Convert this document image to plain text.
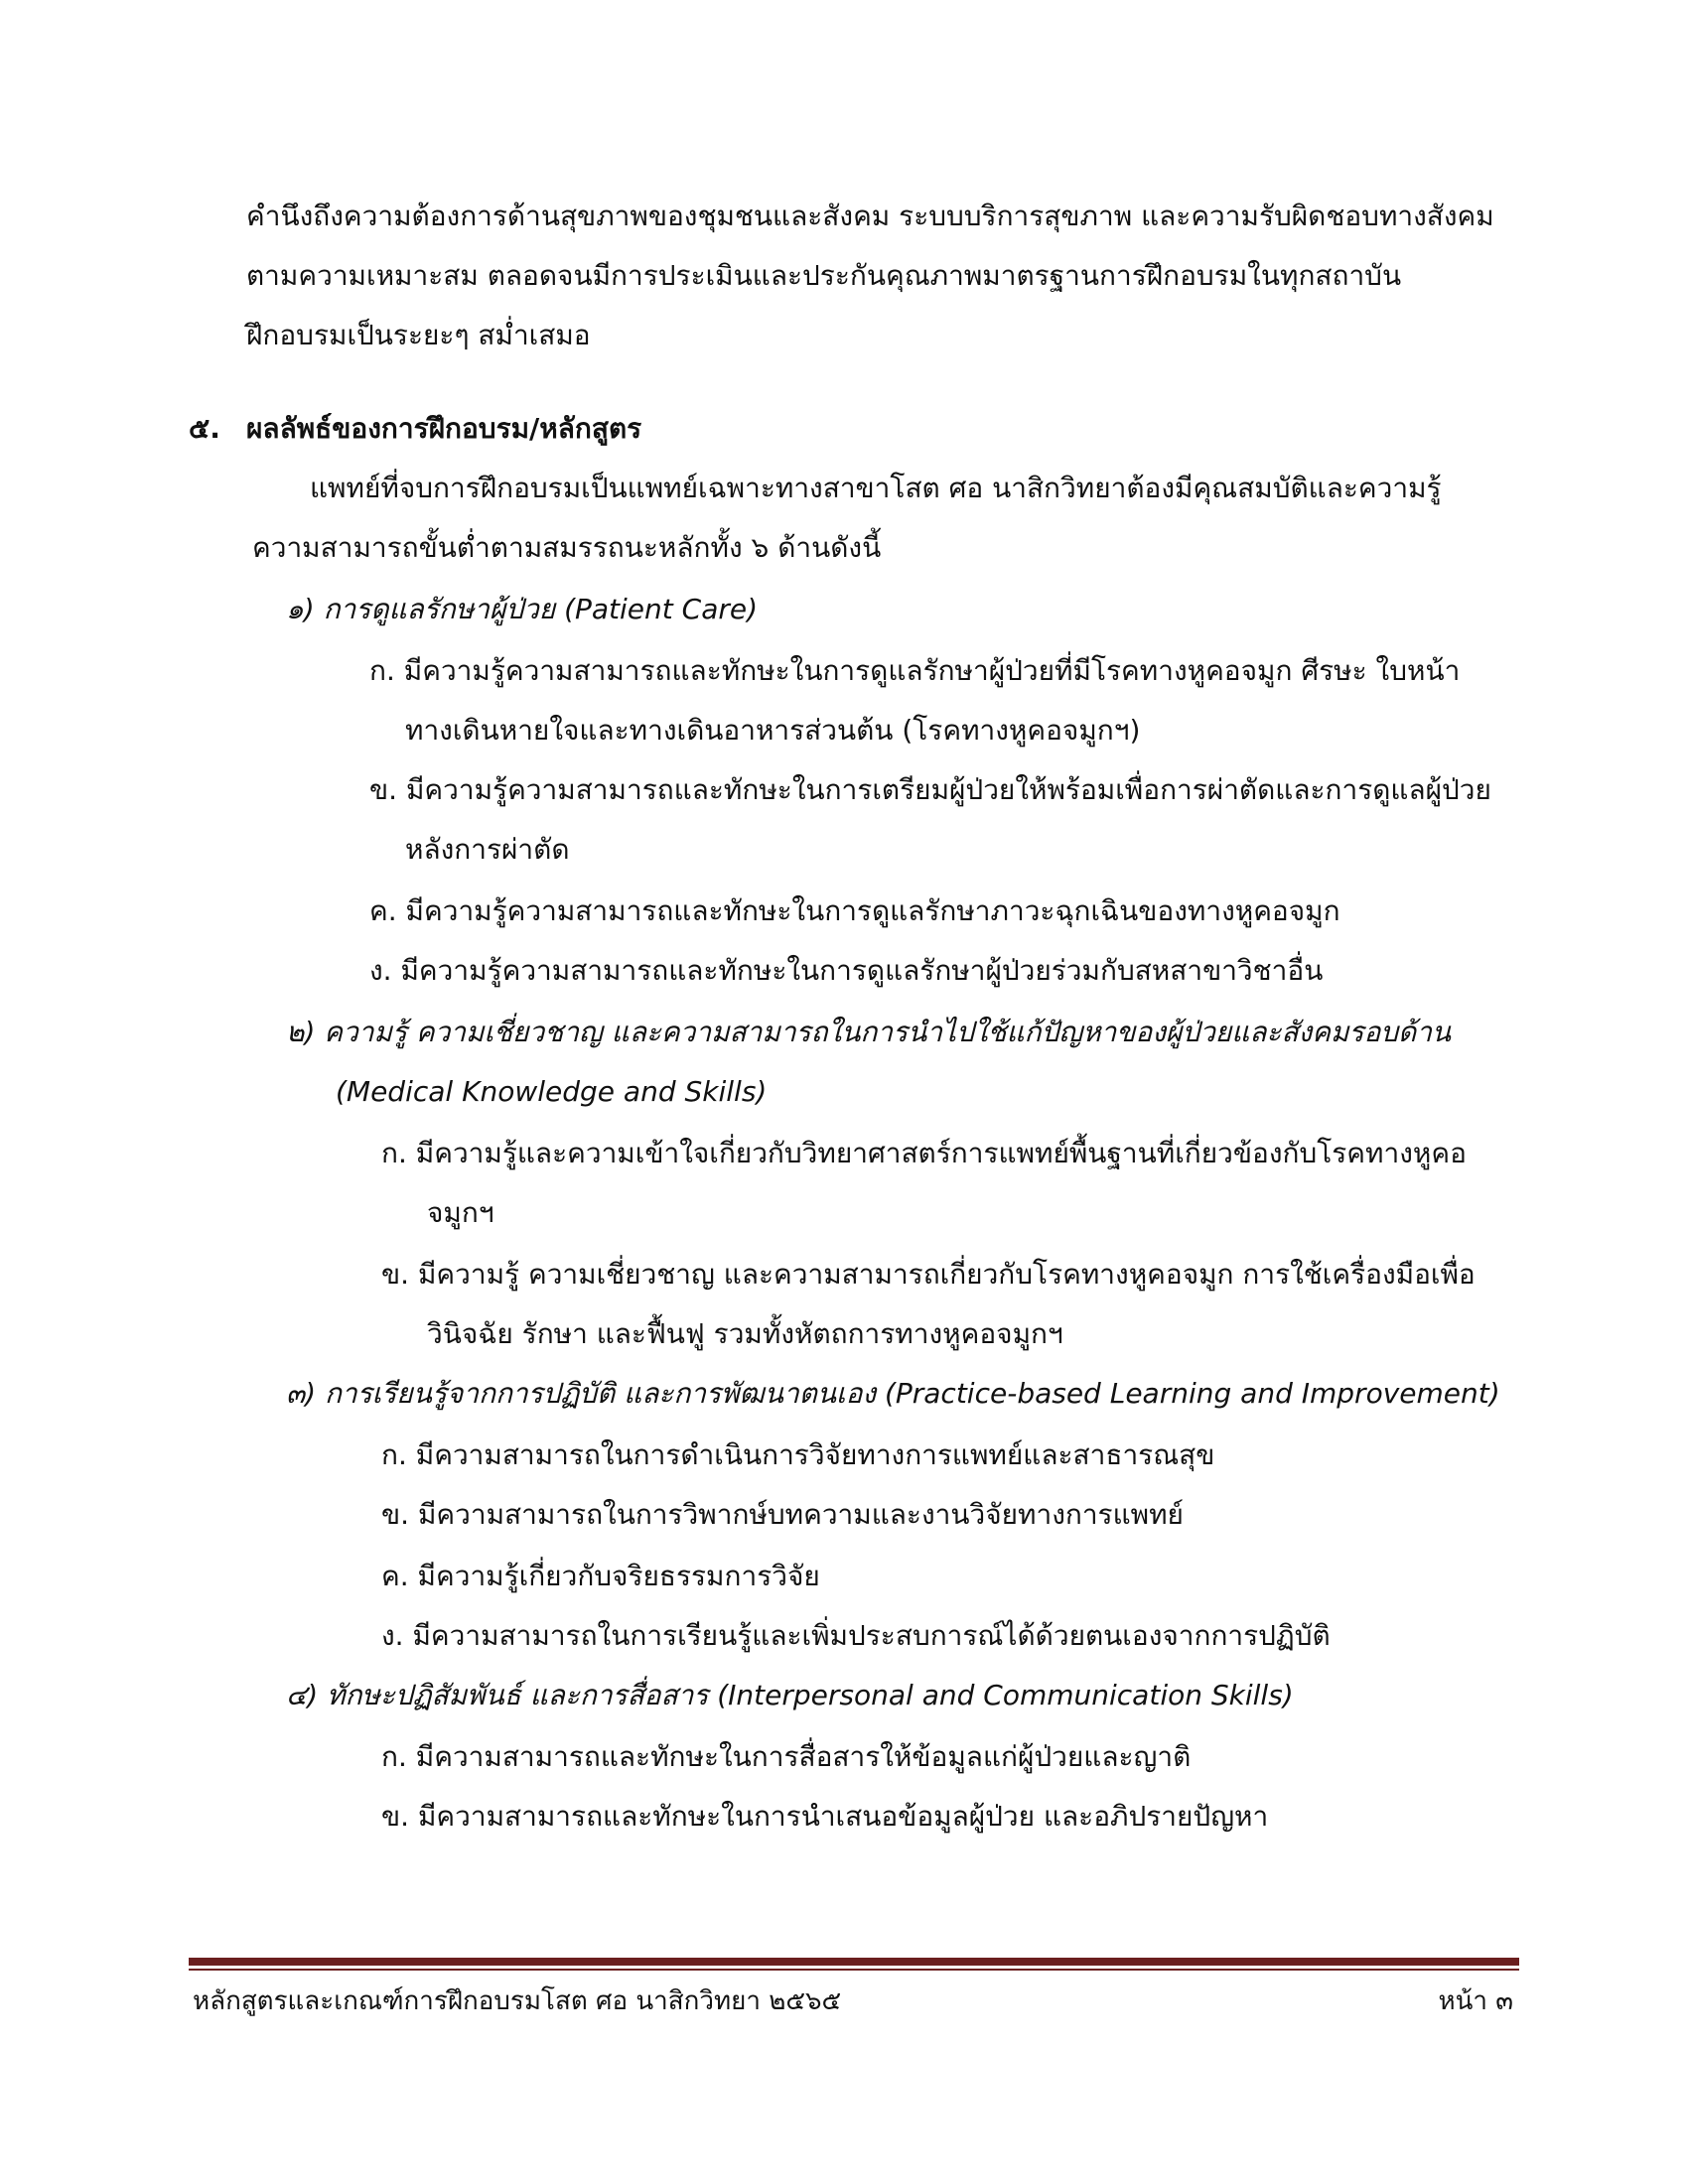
คำนึงถึงความต้องการด้านสุขภาพของชุมชนและสังคม ระบบบริการสุขภาพ และความรับผิดชอบทางสังคม
ตามความเหมาะสม ตลอดจนมีการประเมินและประกันคุณภาพมาตรฐานการฝึกอบรมในทุกสถาบัน
ฝึกอบรมเป็นระยะๆ สม่ำเสมอ
๕. ผลลัพธ์ของการฝึกอบรม/หลักสูตร
แพทย์ที่จบการฝึกอบรมเป็นแพทย์เฉพาะทางสาขาโสต ศอ นาสิกวิทยาต้องมีคุณสมบัติและความรู้
ความสามารถขั้นต่ำตามสมรรถนะหลักทั้ง ๖ ด้านดังนี้
๑) การดูแลรักษาผู้ป่วย (Patient Care)
ก. มีความรู้ความสามารถและทักษะในการดูแลรักษาผู้ป่วยที่มีโรคทางหูคอจมูก ศีรษะ ใบหน้า
ทางเดินหายใจและทางเดินอาหารส่วนต้น (โรคทางหูคอจมูกฯ)
ข. มีความรู้ความสามารถและทักษะในการเตรียมผู้ป่วยให้พร้อมเพื่อการผ่าตัดและการดูแลผู้ป่วย
หลังการผ่าตัด
ค. มีความรู้ความสามารถและทักษะในการดูแลรักษาภาวะฉุกเฉินของทางหูคอจมูก
ง. มีความรู้ความสามารถและทักษะในการดูแลรักษาผู้ป่วยร่วมกับสหสาขาวิชาอื่น
๒) ความรู้ ความเชี่ยวชาญ และความสามารถในการนำไปใช้แก้ปัญหาของผู้ป่วยและสังคมรอบด้าน
(Medical Knowledge and Skills)
ก. มีความรู้และความเข้าใจเกี่ยวกับวิทยาศาสตร์การแพทย์พื้นฐานที่เกี่ยวข้องกับโรคทางหูคอ
จมูกฯ
ข. มีความรู้ ความเชี่ยวชาญ และความสามารถเกี่ยวกับโรคทางหูคอจมูก การใช้เครื่องมือเพื่อ
วินิจฉัย รักษา และฟื้นฟู รวมทั้งหัตถการทางหูคอจมูกฯ
๓) การเรียนรู้จากการปฏิบัติ และการพัฒนาตนเอง (Practice-based Learning and Improvement)
ก. มีความสามารถในการดำเนินการวิจัยทางการแพทย์และสาธารณสุข
ข. มีความสามารถในการวิพากษ์บทความและงานวิจัยทางการแพทย์
ค. มีความรู้เกี่ยวกับจริยธรรมการวิจัย
ง. มีความสามารถในการเรียนรู้และเพิ่มประสบการณ์ได้ด้วยตนเองจากการปฏิบัติ
๔) ทักษะปฏิสัมพันธ์ และการสื่อสาร (Interpersonal and Communication Skills)
ก. มีความสามารถและทักษะในการสื่อสารให้ข้อมูลแก่ผู้ป่วยและญาติ
ข. มีความสามารถและทักษะในการนำเสนอข้อมูลผู้ป่วย และอภิปรายปัญหา
หลักสูตรและเกณฑ์การฝึกอบรมโสต ศอ นาสิกวิทยา ๒๕๖๕	หน้า ๓
